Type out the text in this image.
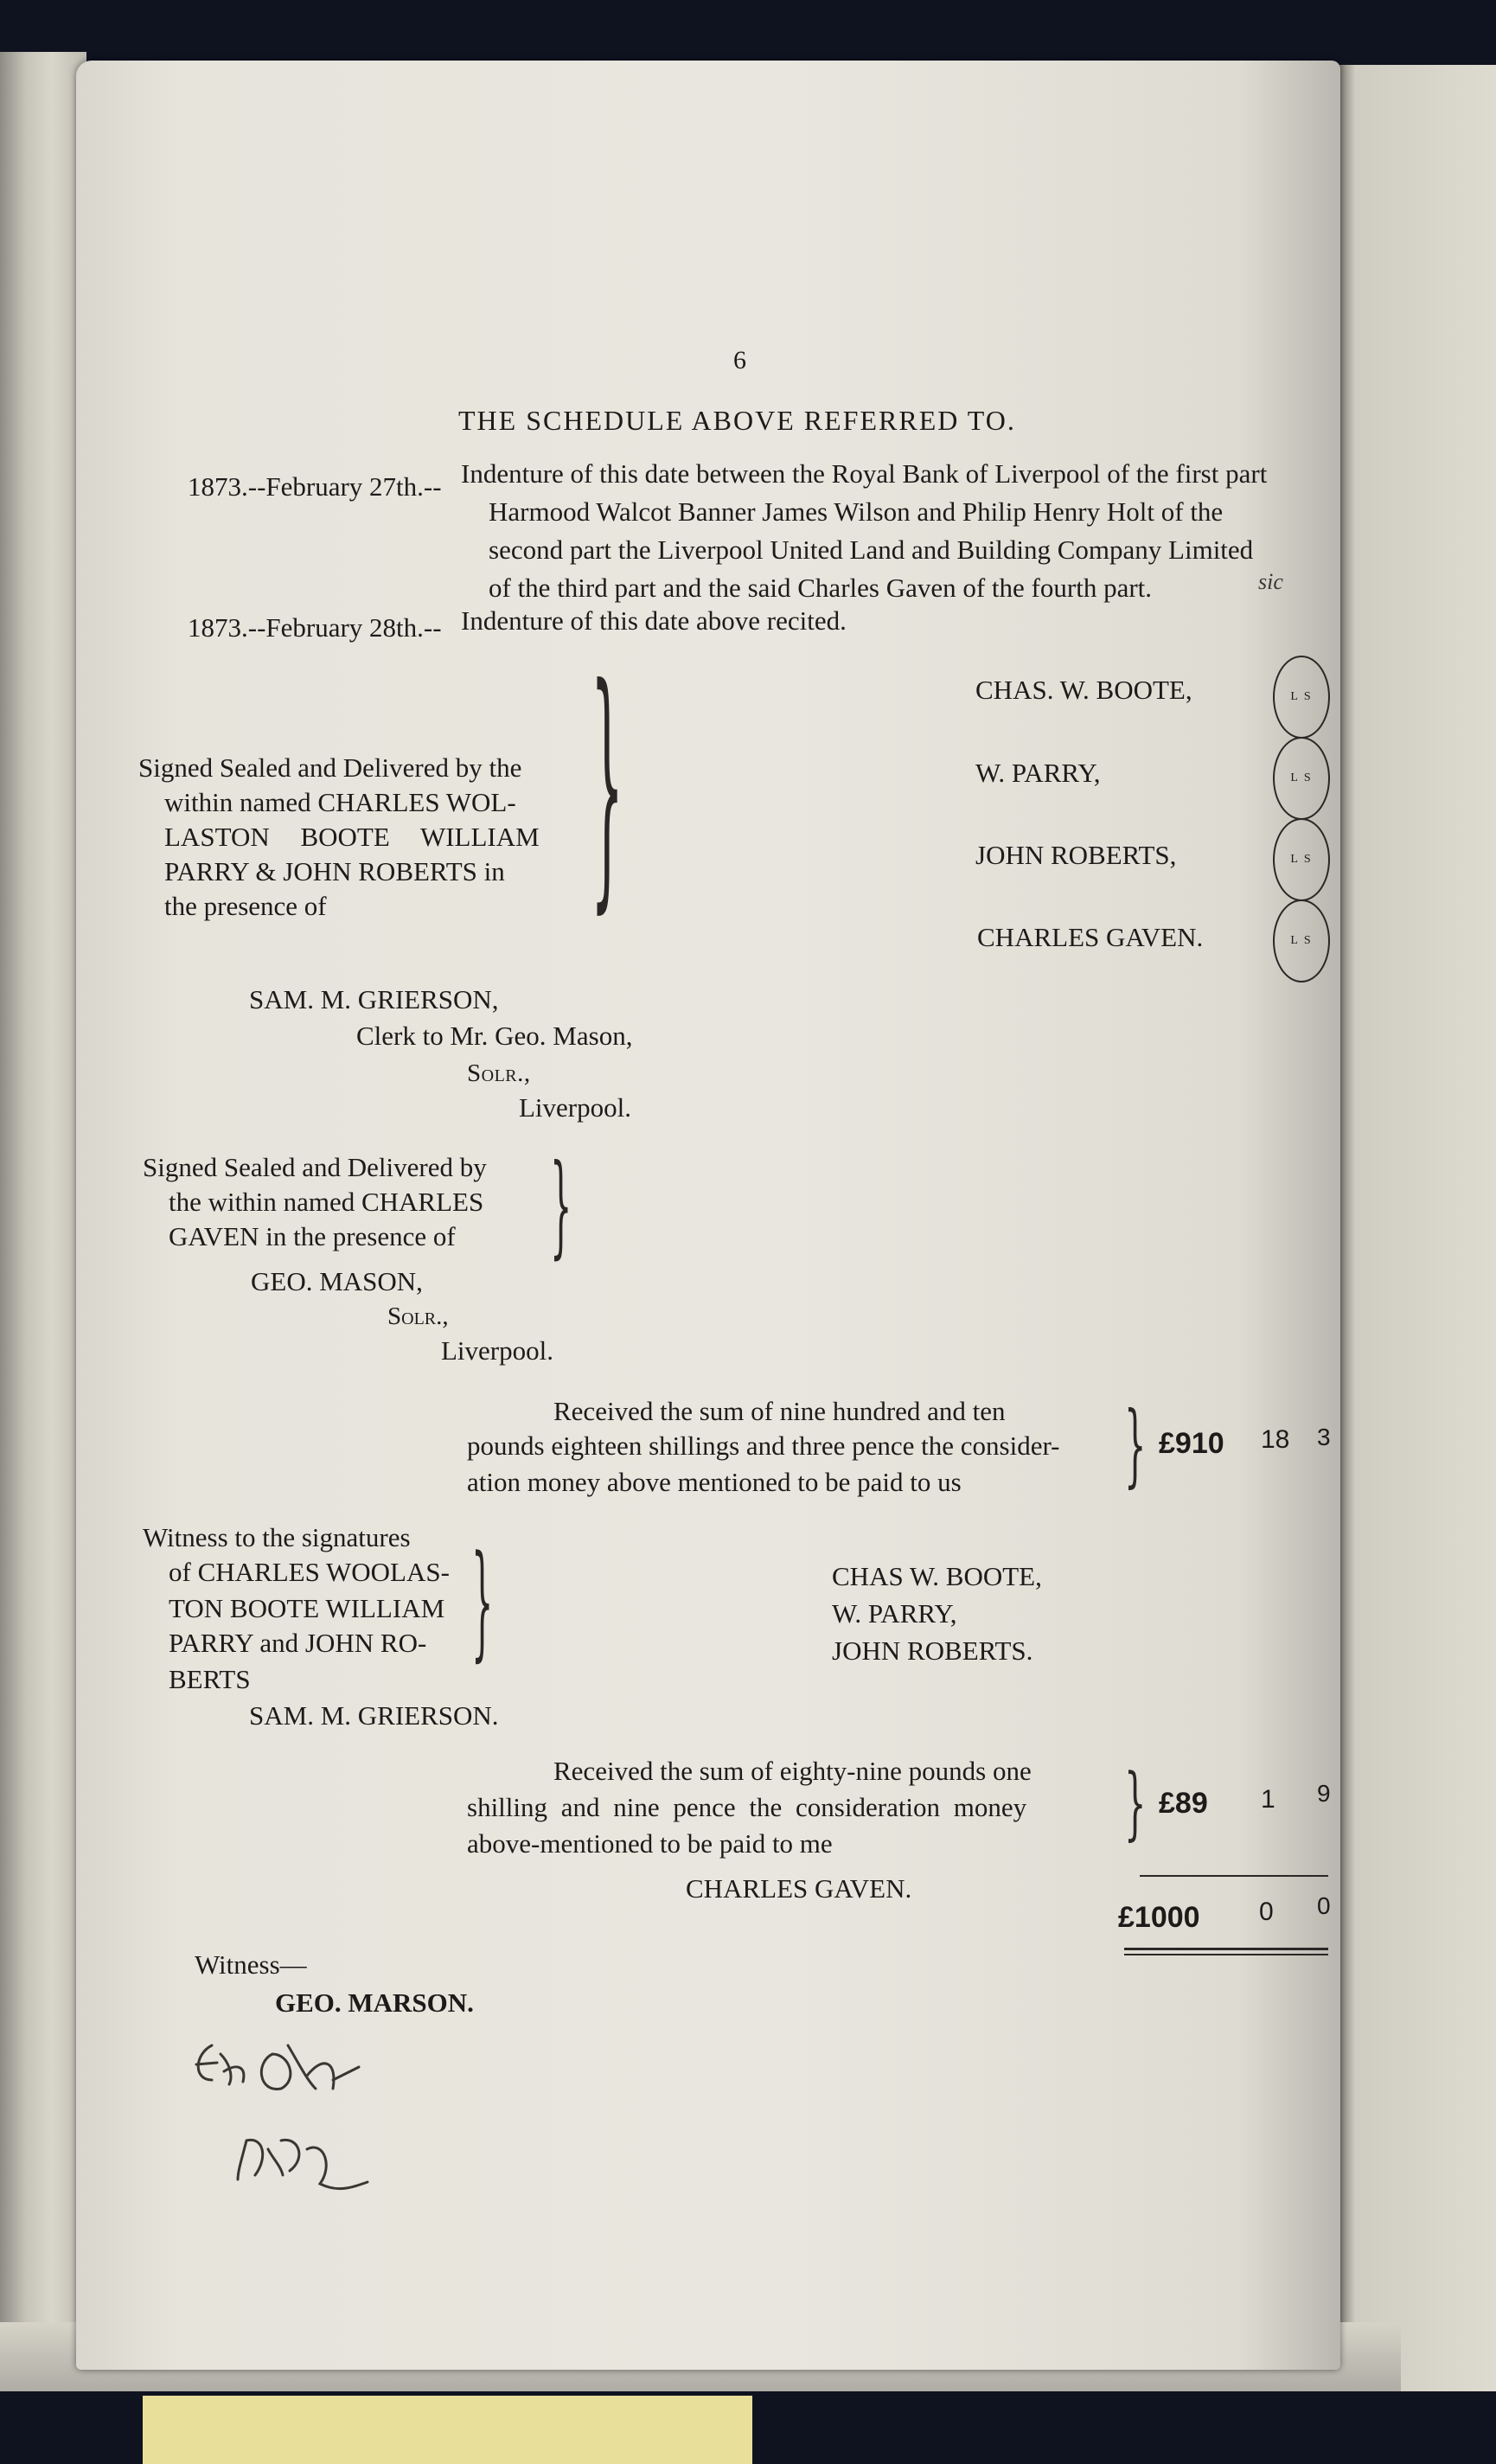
6
THE SCHEDULE ABOVE REFERRED TO.
1873.--February 27th.-- Indenture of this date between the Royal Bank of Liverpool of the first part
Harmood Walcot Banner James Wilson and Philip Henry Holt of the
second part the Liverpool United Land and Building Company Limited
of the third part and the said Charles Gaven of the fourth part.	sic
1873.--February 28th.-- Indenture of this date above recited.
Signed Sealed and Delivered by the
within named CHARLES WOL-
LASTON BOOTE WILLIAM
PARRY & JOHN ROBERTS in
the presence of	}	CHAS. W. BOOTE,
W. PARRY,
JOHN ROBERTS,
CHARLES GAVEN.
L S
L S
L S
L S
SAM. M. GRIERSON,
Clerk to Mr. Geo. Mason,
Solr.,
Liverpool.
Signed Sealed and Delivered by
the within named CHARLES
GAVEN in the presence of	}
GEO. MASON,
Solr.,
Liverpool.
Received the sum of nine hundred and ten
pounds eighteen shillings and three pence the consider-
ation money above mentioned to be paid to us	} £910 18 3
Witness to the signatures
of CHARLES WOOLAS-
TON BOOTE WILLIAM
PARRY and JOHN RO-
BERTS
}
SAM. M. GRIERSON.
CHAS W. BOOTE,
W. PARRY,
JOHN ROBERTS.
Received the sum of eighty-nine pounds one
shilling and nine pence the consideration money
above-mentioned to be paid to me	} £89 1 9
CHARLES GAVEN.
£1000 0 0
Witness—
GEO. MARSON.
